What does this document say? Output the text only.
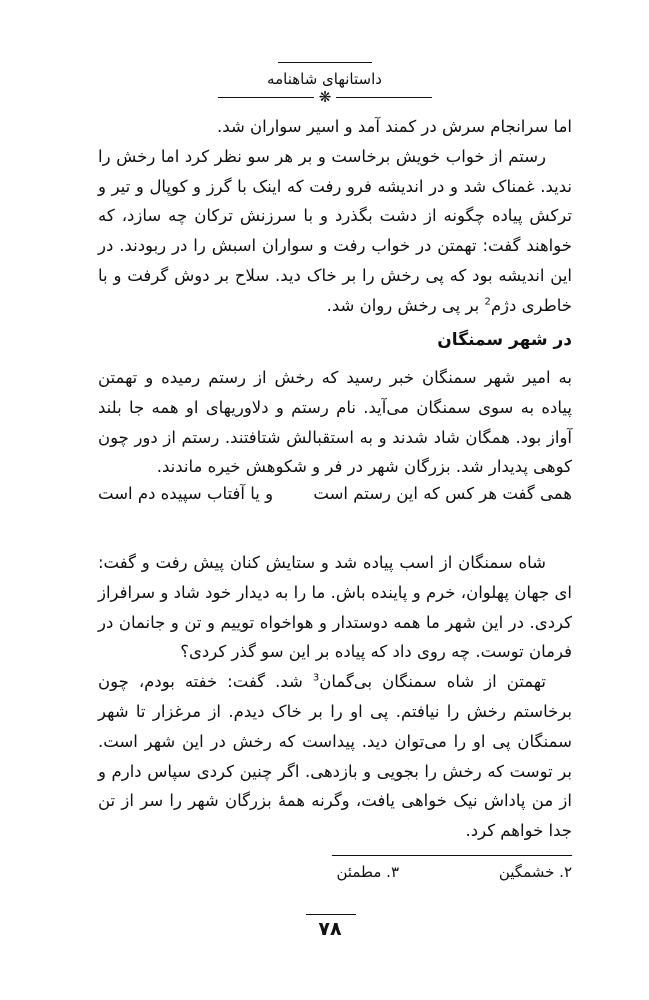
داستانهای شاهنامه
❋

اما سرانجام سرش در کمند آمد و اسیر سواران شد.

رستم از خواب خویش برخاست و بر هر سو نظر کرد اما رخش را ندید. غمناک شد و در اندیشه فرو رفت که اینک با گرز و کوپال و تیر و ترکش پیاده چگونه از دشت بگذرد و با سرزنش ترکان چه سازد، که خواهند گفت: تهمتن در خواب رفت و سواران اسبش را در ربودند. در این اندیشه بود که پی رخش را بر خاک دید. سلاح بر دوش گرفت و با خاطری دژم$^2$ بر پی رخش روان شد.

در شهر سمنگان

به امیر شهر سمنگان خبر رسید که رخش از رستم رمیده و تهمتن پیاده به سوی سمنگان می‌آید. نام رستم و دلاوریهای او همه جا بلند آواز بود. همگان شاد شدند و به استقبالش شتافتند. رستم از دور چون کوهی پدیدار شد. بزرگان شهر در فر و شکوهش خیره ماندند.

همی گفت هر کس که این رستم است
و یا آفتاب سپیده دم است

شاه سمنگان از اسب پیاده شد و ستایش کنان پیش رفت و گفت: ای جهان پهلوان، خرم و پاینده باش. ما را به دیدار خود شاد و سرافراز کردی. در این شهر ما همه دوستدار و هواخواه توییم و تن و جانمان در فرمان توست. چه روی داد که پیاده بر این سو گذر کردی؟

تهمتن از شاه سمنگان بی‌گمان$^3$ شد. گفت: خفته بودم، چون برخاستم رخش را نیافتم. پی او را بر خاک دیدم. از مرغزار تا شهر سمنگان پی او را می‌توان دید. پیداست که رخش در این شهر است. بر توست که رخش را بجویی و بازدهی. اگر چنین کردی سپاس دارم و از من پاداش نیک خواهی یافت، وگرنه همهٔ بزرگان شهر را سر از تن جدا خواهم کرد.

۲. خشمگین
۳. مطمئن
۷۸
